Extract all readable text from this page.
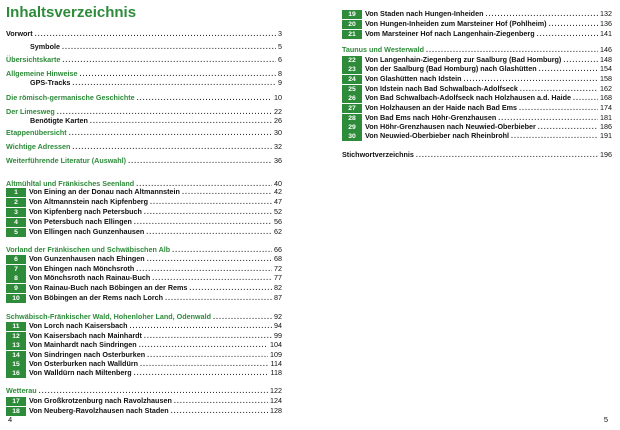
Inhaltsverzeichnis
Vorwort .....	3
Symbole .....	5
Übersichtskarte .....	6
Allgemeine Hinweise .....	8
GPS-Tracks .....	9
Die römisch-germanische Geschichte .....	10
Der Limesweg .....	22
Benötigte Karten .....	26
Etappenübersicht .....	30
Wichtige Adressen .....	32
Weiterführende Literatur (Auswahl) .....	36
Altmühltal und Fränkisches Seenland .....	40
1	Von Eining an der Donau nach Altmannstein .....	42
2	Von Altmannstein nach Kipfenberg .....	47
3	Von Kipfenberg nach Petersbuch .....	52
4	Von Petersbuch nach Ellingen .....	56
5	Von Ellingen nach Gunzenhausen .....	62
Vorland der Fränkischen und Schwäbischen Alb .....	66
6	Von Gunzenhausen nach Ehingen .....	68
7	Von Ehingen nach Mönchsroth .....	72
8	Von Mönchsroth nach Rainau-Buch .....	77
9	Von Rainau-Buch nach Böbingen an der Rems .....	82
10	Von Böbingen an der Rems nach Lorch .....	87
Schwäbisch-Fränkischer Wald, Hohenloher Land, Odenwald .....	92
11	Von Lorch nach Kaisersbach .....	94
12	Von Kaisersbach nach Mainhardt .....	99
13	Von Mainhardt nach Sindringen .....	104
14	Von Sindringen nach Osterburken .....	109
15	Von Osterburken nach Walldürn .....	114
16	Von Walldürn nach Miltenberg .....	118
Wetterau .....	122
17	Von Großkrotzenburg nach Ravolzhausen .....	124
18	Von Neuberg-Ravolzhausen nach Staden .....	128
4
19	Von Staden nach Hungen-Inheiden .....	132
20	Von Hungen-Inheiden zum Marsteiner Hof (Pohlheim) .....	136
21	Vom Marsteiner Hof nach Langenhain-Ziegenberg .....	141
Taunus und Westerwald .....	146
22	Von Langenhain-Ziegenberg zur Saalburg (Bad Homburg) .....	148
23	Von der Saalburg (Bad Homburg) nach Glashütten .....	154
24	Von Glashütten nach Idstein .....	158
25	Von Idstein nach Bad Schwalbach-Adolfseck .....	162
26	Von Bad Schwalbach-Adolfseck nach Holzhausen a.d. Haide .....	168
27	Von Holzhausen an der Haide nach Bad Ems .....	174
28	Von Bad Ems nach Höhr-Grenzhausen .....	181
29	Von Höhr-Grenzhausen nach Neuwied-Oberbieber .....	186
30	Von Neuwied-Oberbieber nach Rheinbrohl .....	191
Stichwortverzeichnis .....	196
5
